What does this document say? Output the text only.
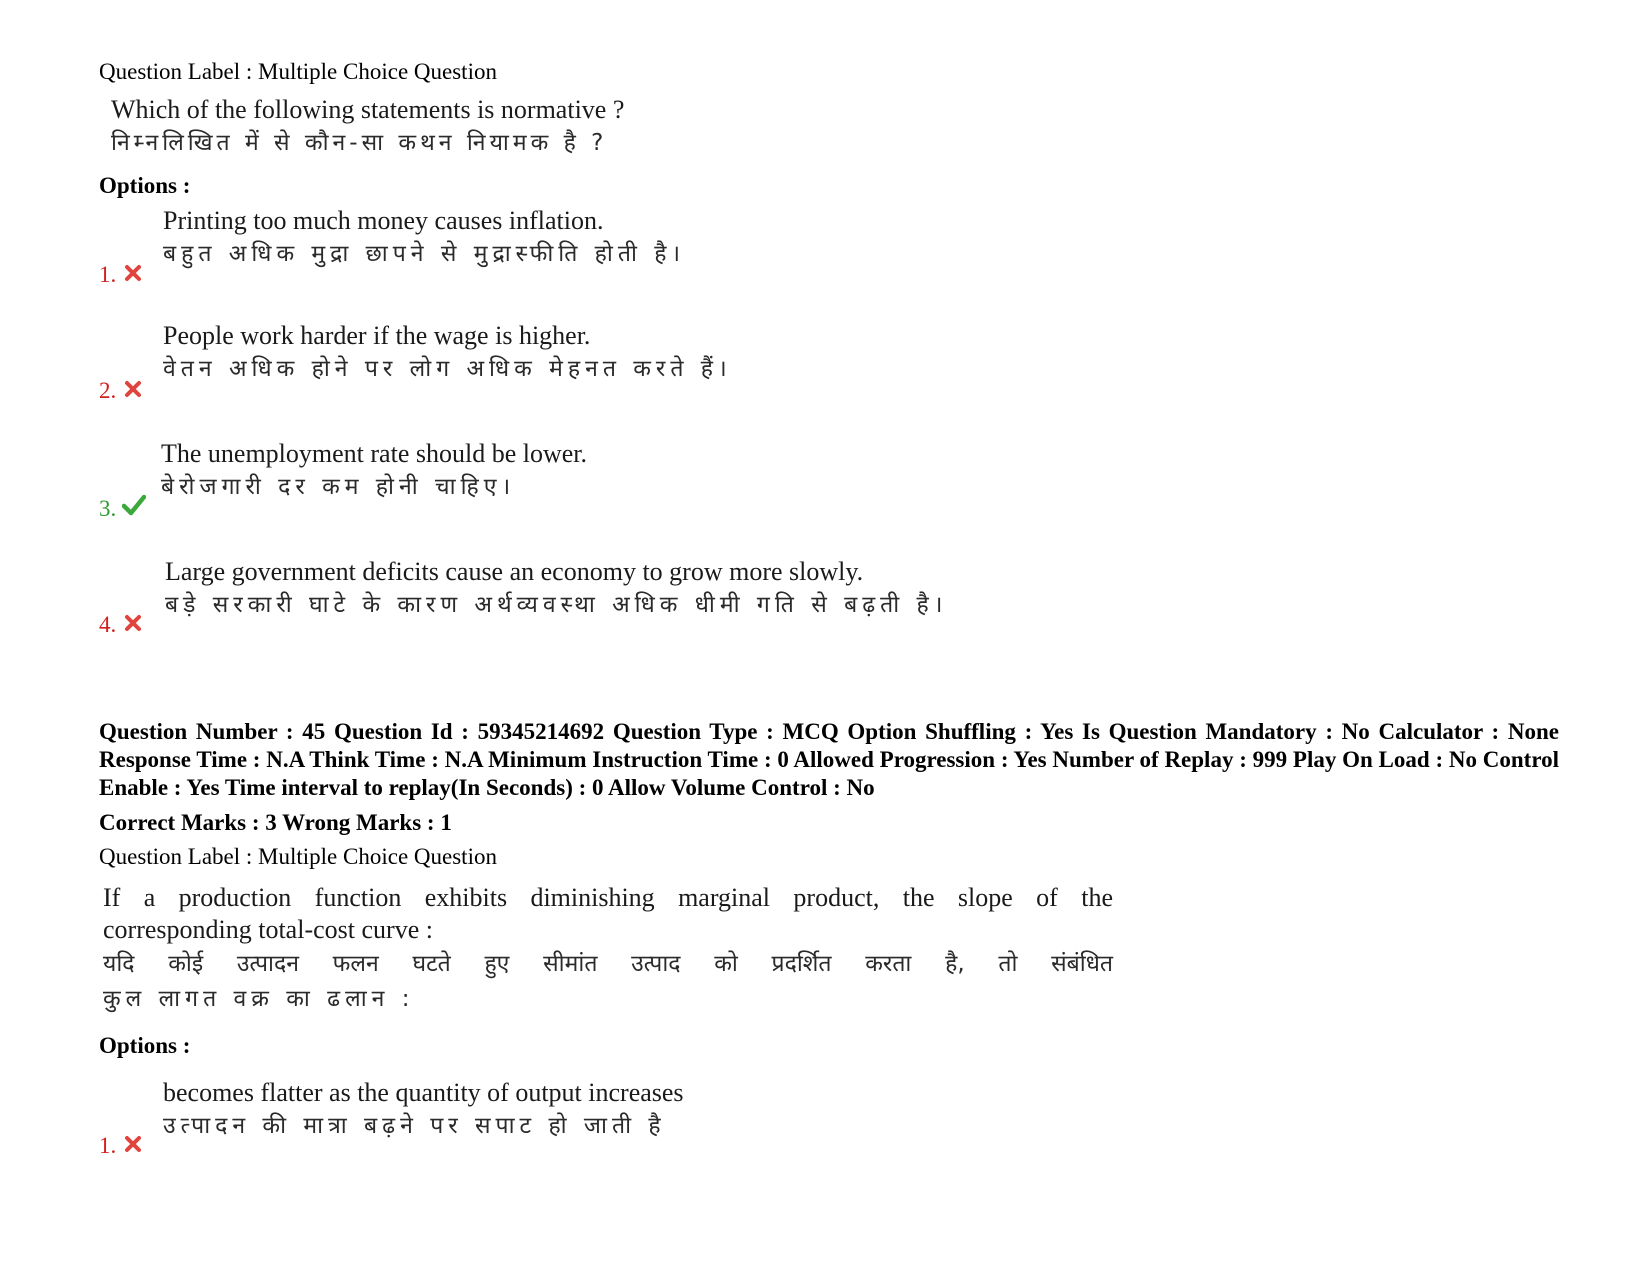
Question Label : Multiple Choice Question
Which of the following statements is normative ?
निम्नलिखित में से कौन-सा कथन नियामक है ?
Options :
Printing too much money causes inflation.
बहुत अधिक मुद्रा छापने से मुद्रास्फीति होती है।
1.
People work harder if the wage is higher.
वेतन अधिक होने पर लोग अधिक मेहनत करते हैं।
2.
The unemployment rate should be lower.
बेरोजगारी दर कम होनी चाहिए।
3.
Large government deficits cause an economy to grow more slowly.
बड़े सरकारी घाटे के कारण अर्थव्यवस्था अधिक धीमी गति से बढ़ती है।
4.
Question Number : 45 Question Id : 59345214692 Question Type : MCQ Option Shuffling : Yes Is Question Mandatory : No Calculator : None Response Time : N.A Think Time : N.A Minimum Instruction Time : 0 Allowed Progression : Yes Number of Replay : 999 Play On Load : No Control Enable : Yes Time interval to replay(In Seconds) : 0 Allow Volume Control : No
Correct Marks : 3 Wrong Marks : 1
Question Label : Multiple Choice Question
If a production function exhibits diminishing marginal product, the slope of the
corresponding total-cost curve :
यदि कोई उत्पादन फलन घटते हुए सीमांत उत्पाद को प्रदर्शित करता है, तो संबंधित
कुल लागत वक्र का ढलान :
Options :
becomes flatter as the quantity of output increases
उत्पादन की मात्रा बढ़ने पर सपाट हो जाती है
1.
